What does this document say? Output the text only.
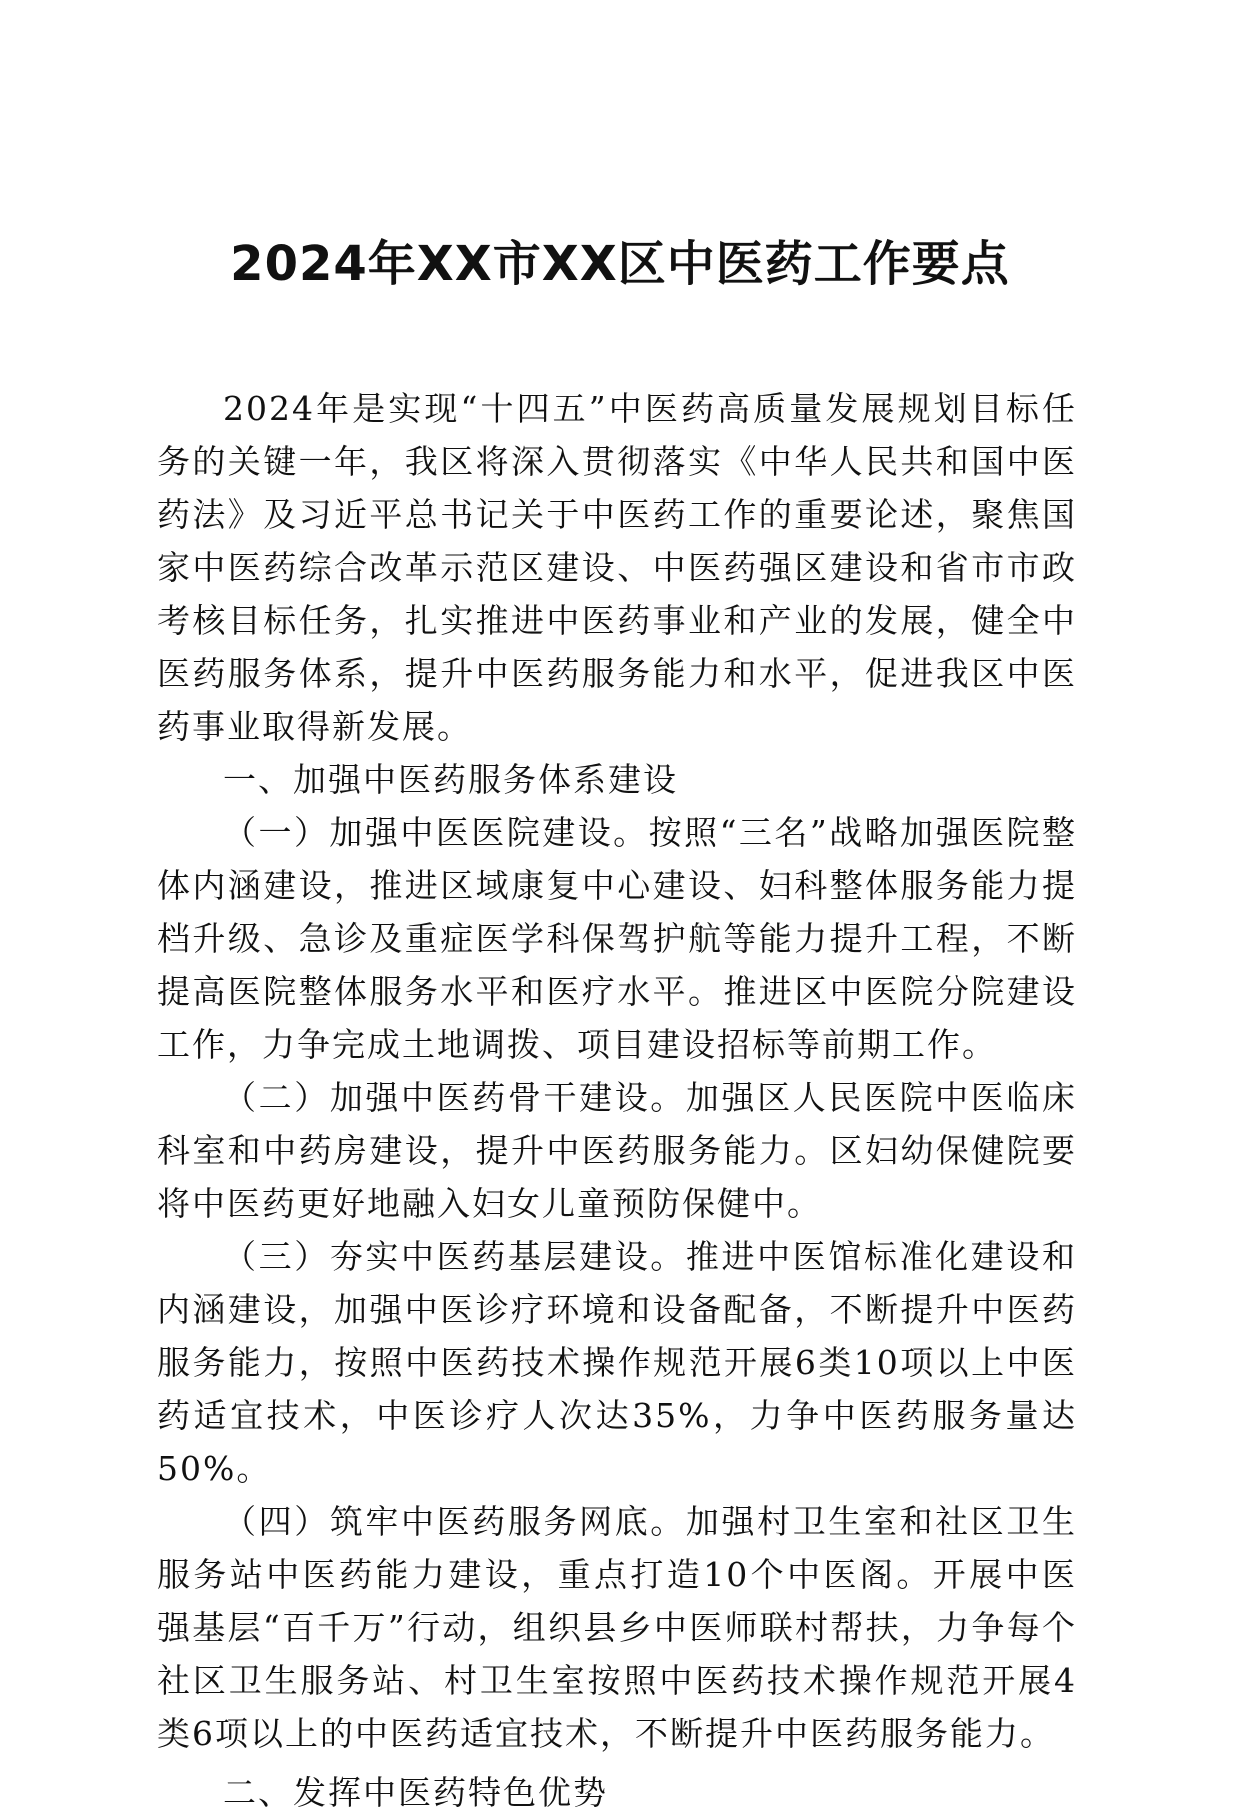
2024年XX市XX区中医药工作要点

2024年是实现“十四五”中医药高质量发展规划目标任务的关键一年，我区将深入贯彻落实《中华人民共和国中医药法》及习近平总书记关于中医药工作的重要论述，聚焦国家中医药综合改革示范区建设、中医药强区建设和省市市政考核目标任务，扎实推进中医药事业和产业的发展，健全中医药服务体系，提升中医药服务能力和水平，促进我区中医药事业取得新发展。

一、加强中医药服务体系建设

（一）加强中医医院建设。按照“三名”战略加强医院整体内涵建设，推进区域康复中心建设、妇科整体服务能力提档升级、急诊及重症医学科保驾护航等能力提升工程，不断提高医院整体服务水平和医疗水平。推进区中医院分院建设工作，力争完成土地调拨、项目建设招标等前期工作。

（二）加强中医药骨干建设。加强区人民医院中医临床科室和中药房建设，提升中医药服务能力。区妇幼保健院要将中医药更好地融入妇女儿童预防保健中。

（三）夯实中医药基层建设。推进中医馆标准化建设和内涵建设，加强中医诊疗环境和设备配备，不断提升中医药服务能力，按照中医药技术操作规范开展6类10项以上中医药适宜技术，中医诊疗人次达35%，力争中医药服务量达50%。

（四）筑牢中医药服务网底。加强村卫生室和社区卫生服务站中医药能力建设，重点打造10个中医阁。开展中医强基层“百千万”行动，组织县乡中医师联村帮扶，力争每个社区卫生服务站、村卫生室按照中医药技术操作规范开展4类6项以上的中医药适宜技术，不断提升中医药服务能力。

二、发挥中医药特色优势
